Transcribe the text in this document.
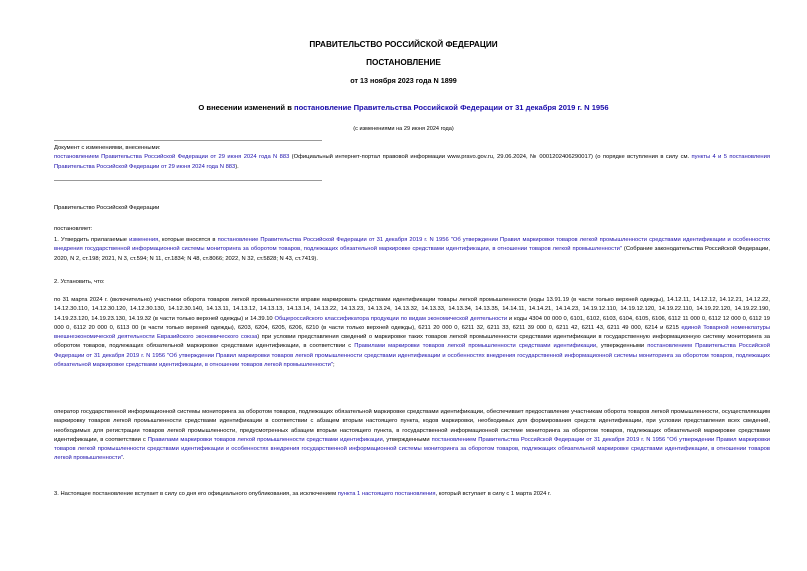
ПРАВИТЕЛЬСТВО РОССИЙСКОЙ ФЕДЕРАЦИИ
ПОСТАНОВЛЕНИЕ
от 13 ноября 2023 года N 1899
О внесении изменений в постановление Правительства Российской Федерации от 31 декабря 2019 г. N 1956
(с изменениями на 29 июня 2024 года)
Документ с изменениями, внесенными:
постановлением Правительства Российской Федерации от 29 июня 2024 года N 883 (Официальный интернет-портал правовой информации www.pravo.gov.ru, 29.06.2024, № 0001202406290017) (о порядке вступления в силу см. пункты 4 и 5 постановления Правительства Российской Федерации от 29 июня 2024 года N 883).
Правительство Российской Федерации
постановляет:
1. Утвердить прилагаемые изменения, которые вносятся в постановление Правительства Российской Федерации от 31 декабря 2019 г. N 1956 "Об утверждении Правил маркировки товаров легкой промышленности средствами идентификации и особенностях внедрения государственной информационной системы мониторинга за оборотом товаров, подлежащих обязательной маркировке средствами идентификации, в отношении товаров легкой промышленности" (Собрание законодательства Российской Федерации, 2020, N 2, ст.198; 2021, N 3, ст.594; N 11, ст.1834; N 48, ст.8066; 2022, N 32, ст.5828; N 43, ст.7419).
2. Установить, что:
по 31 марта 2024 г. (включительно) участники оборота товаров легкой промышленности вправе маркировать средствами идентификации товары легкой промышленности (коды 13.91.19 (в части только верхней одежды), 14.12.11, 14.12.12, 14.12.21, 14.12.22, 14.12.30.110, 14.12.30.120, 14.12.30.130, 14.12.30.140, 14.13.11, 14.13.12, 14.13.13, 14.13.14, 14.13.22, 14.13.23, 14.13.24, 14.13.32, 14.13.33, 14.13.34, 14.13.35, 14.14.11, 14.14.21, 14.14.23, 14.19.12.110, 14.19.12.120, 14.19.22.110, 14.19.22.120, 14.19.22.190, 14.19.23.120, 14.19.23.130, 14.19.32 (в части только верхней одежды) и 14.39.10 Общероссийского классификатора продукции по видам экономической деятельности и коды 4304 00 000 0, 6101, 6102, 6103, 6104, 6105, 6106, 6112 11 000 0, 6112 12 000 0, 6112 19 000 0, 6112 20 000 0, 6113 00 (в части только верхней одежды), 6203, 6204, 6205, 6206, 6210 (в части только верхней одежды), 6211 20 000 0, 6211 32, 6211 33, 6211 39 000 0, 6211 42, 6211 43, 6211 49 000, 6214 и 6215 единой Товарной номенклатуры внешнеэкономической деятельности Евразийского экономического союза) при условии представления сведений о маркировке таких товаров легкой промышленности средствами идентификации в государственную информационную систему мониторинга за оборотом товаров, подлежащих обязательной маркировке средствами идентификации, в соответствии с Правилами маркировки товаров легкой промышленности средствами идентификации, утвержденными постановлением Правительства Российской Федерации от 31 декабря 2019 г. N 1956 "Об утверждении Правил маркировки товаров легкой промышленности средствами идентификации и особенностях внедрения государственной информационной системы мониторинга за оборотом товаров, подлежащих обязательной маркировке средствами идентификации, в отношении товаров легкой промышленности";
оператор государственной информационной системы мониторинга за оборотом товаров, подлежащих обязательной маркировке средствами идентификации, обеспечивает предоставление участникам оборота товаров легкой промышленности, осуществляющим маркировку товаров легкой промышленности средствами идентификации в соответствии с абзацем вторым настоящего пункта, кодов маркировки, необходимых для формирования средств идентификации, при условии представления всех сведений, необходимых для регистрации товаров легкой промышленности, предусмотренных абзацем вторым настоящего пункта, в государственной информационной системе мониторинга за оборотом товаров, подлежащих обязательной маркировке средствами идентификации, в соответствии с Правилами маркировки товаров легкой промышленности средствами идентификации, утвержденными постановлением Правительства Российской Федерации от 31 декабря 2019 г. N 1956 "Об утверждении Правил маркировки товаров легкой промышленности средствами идентификации и особенностях внедрения государственной информационной системы мониторинга за оборотом товаров, подлежащих обязательной маркировке средствами идентификации, в отношении товаров легкой промышленности".
3. Настоящее постановление вступает в силу со дня его официального опубликования, за исключением пункта 1 настоящего постановления, который вступает в силу с 1 марта 2024 г.
